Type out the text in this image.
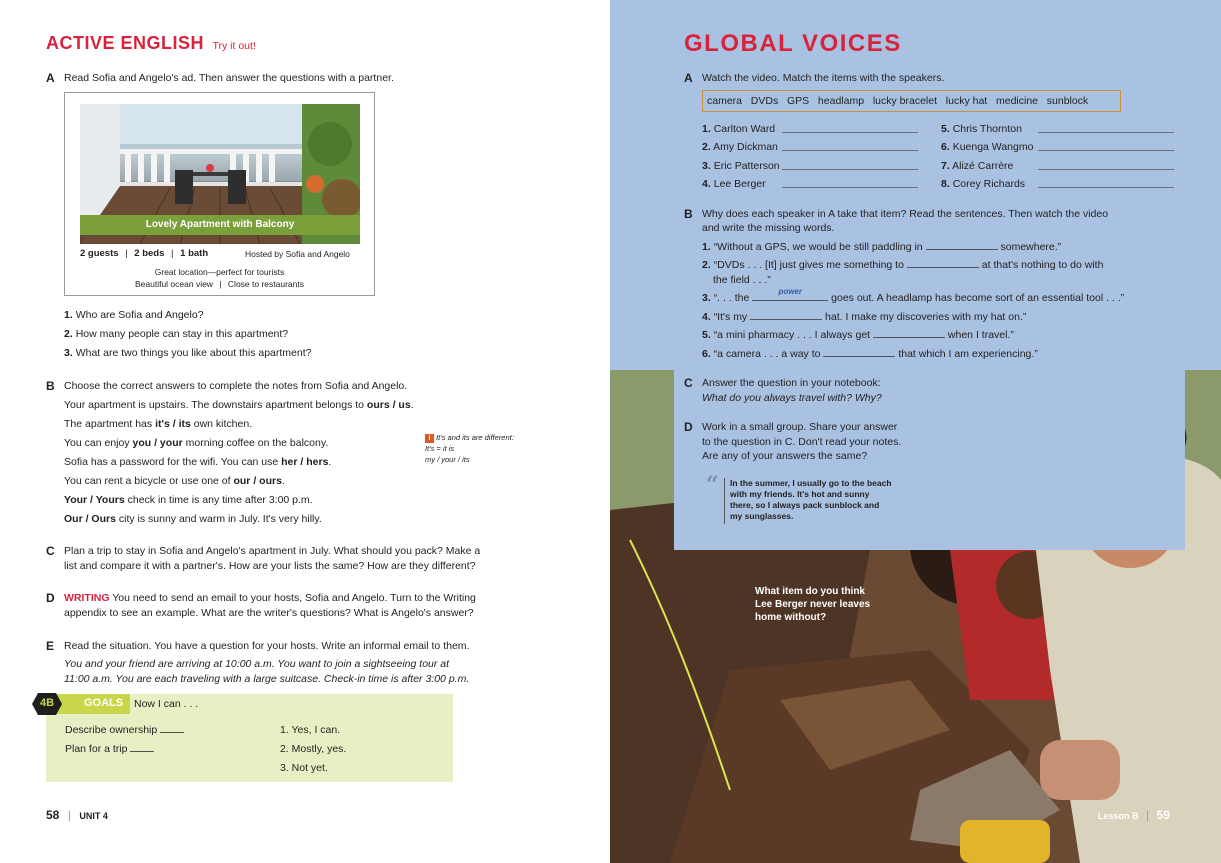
ACTIVE ENGLISH Try it out!
A Read Sofia and Angelo's ad. Then answer the questions with a partner.
Lovely Apartment with Balcony
2 guests | 2 beds | 1 bath	Hosted by Sofia and Angelo
Great location—perfect for tourists
Beautiful ocean view | Close to restaurants
1. Who are Sofia and Angelo?
2. How many people can stay in this apartment?
3. What are two things you like about this apartment?
B Choose the correct answers to complete the notes from Sofia and Angelo.
Your apartment is upstairs. The downstairs apartment belongs to ours / us.
The apartment has it's / its own kitchen.
You can enjoy you / your morning coffee on the balcony.
Sofia has a password for the wifi. You can use her / hers.
You can rent a bicycle or use one of our / ours.
Your / Yours check in time is any time after 3:00 p.m.
Our / Ours city is sunny and warm in July. It's very hilly.
i It's and its are different:
It's = it is
my / your / its
C Plan a trip to stay in Sofia and Angelo's apartment in July. What should you pack? Make a
list and compare it with a partner's. How are your lists the same? How are they different?
D WRITING You need to send an email to your hosts, Sofia and Angelo. Turn to the Writing
appendix to see an example. What are the writer's questions? What is Angelo's answer?
E Read the situation. You have a question for your hosts. Write an informal email to them.
You and your friend are arriving at 10:00 a.m. You want to join a sightseeing tour at
11:00 a.m. You are each traveling with a large suitcase. Check-in time is after 3:00 p.m.
Now I can . . .
GOALS
Describe ownership
Plan for a trip
1. Yes, I can.
2. Mostly, yes.
3. Not yet.
4B
58 | UNIT 4
What item do you think
Lee Berger never leaves
home without?
GLOBAL VOICES
A Watch the video. Match the items with the speakers.
camera DVDs GPS headlamp lucky bracelet lucky hat medicine sunblock
1. Carlton Ward
2. Amy Dickman
3. Eric Patterson
4. Lee Berger
5. Chris Thornton
6. Kuenga Wangmo
7. Alizé Carrère
8. Corey Richards
B Why does each speaker in A take that item? Read the sentences. Then watch the video
and write the missing words.
1. “Without a GPS, we would be still paddling in	somewhere.”
2. “DVDs . . . [It] just gives me something to	at that's nothing to do with
the field . . .”
3. “. . . the
power
goes out. A headlamp has become sort of an essential tool . . .”
4. “It's my	hat. I make my discoveries with my hat on.”
5. “a mini pharmacy . . . I always get	when I travel.”
6. “a camera . . . a way to	that which I am experiencing.”
C Answer the question in your notebook:
What do you always travel with? Why?
D Work in a small group. Share your answer
to the question in C. Don't read your notes.
Are any of your answers the same?
“ In the summer, I usually go to the beach
with my friends. It's hot and sunny
there, so I always pack sunblock and
my sunglasses.
Lesson B | 59
